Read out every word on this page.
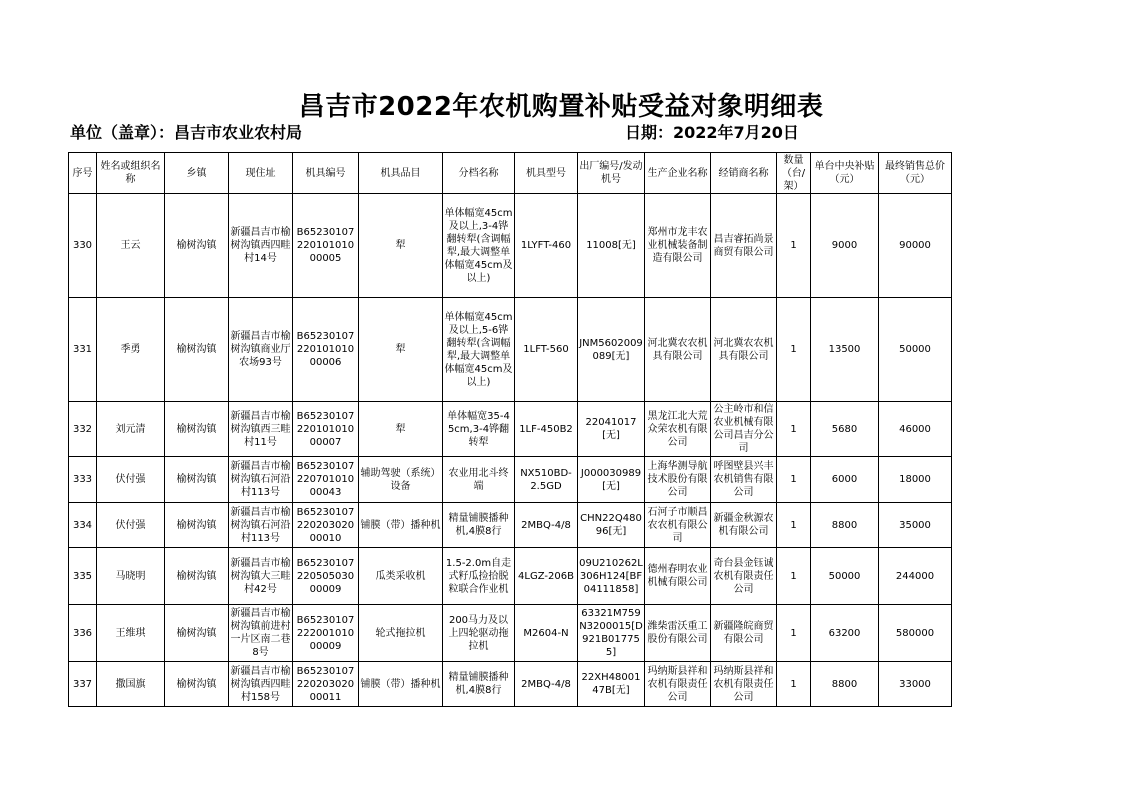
昌吉市2022年农机购置补贴受益对象明细表
单位（盖章）：昌吉市农业农村局	日期：2022年7月20日
序号	姓名或组织名称	乡镇	现住址	机具编号	机具品目	分档名称	机具型号	出厂编号/发动机号	生产企业名称	经销商名称	数量（台/架）	单台中央补贴（元）	最终销售总价（元）
330	王云	榆树沟镇	新疆昌吉市榆树沟镇西四畦村14号	B6523010722010101000005	犁	单体幅宽45cm及以上,3-4铧翻转犁(含调幅犁,最大调整单体幅宽45cm及以上)	1LYFT-460	11008[无]	郑州市龙丰农业机械装备制造有限公司	昌吉睿拓尚景商贸有限公司	1	9000	90000
331	季勇	榆树沟镇	新疆昌吉市榆树沟镇商业厅农场93号	B6523010722010101000006	犁	单体幅宽45cm及以上,5-6铧翻转犁(含调幅犁,最大调整单体幅宽45cm及以上)	1LFT-560	JNM5602009089[无]	河北冀农农机具有限公司	河北冀农农机具有限公司	1	13500	50000
332	刘元清	榆树沟镇	新疆昌吉市榆树沟镇西三畦村11号	B6523010722010101000007	犁	单体幅宽35-45cm,3-4铧翻转犁	1LF-450B2	22041017[无]	黑龙江北大荒众荣农机有限公司	公主岭市和信农业机械有限公司昌吉分公司	1	5680	46000
333	伏付强	榆树沟镇	新疆昌吉市榆树沟镇石河沿村113号	B6523010722070101000043	辅助驾驶（系统）设备	农业用北斗终端	NX510BD-2.5GD	J000030989[无]	上海华测导航技术股份有限公司	呼图壁县兴丰农机销售有限公司	1	6000	18000
334	伏付强	榆树沟镇	新疆昌吉市榆树沟镇石河沿村113号	B6523010722020302000010	铺膜（带）播种机	精量铺膜播种机,4膜8行	2MBQ-4/8	CHN22Q48096[无]	石河子市顺昌农农机有限公司	新疆金秋源农机有限公司	1	8800	35000
335	马晓明	榆树沟镇	新疆昌吉市榆树沟镇大三畦村42号	B6523010722050503000009	瓜类采收机	1.5-2.0m自走式籽瓜捡拾脱粒联合作业机	4LGZ-206B	09U210262L306H124[BF04111858]	德州春明农业机械有限公司	奇台县金钰诚农机有限责任公司	1	50000	244000
336	王维琪	榆树沟镇	新疆昌吉市榆树沟镇前进村一片区南二巷8号	B6523010722200101000009	轮式拖拉机	200马力及以上四轮驱动拖拉机	M2604-N	63321M759N3200015[D921B017755]	潍柴雷沃重工股份有限公司	新疆隆皖商贸有限公司	1	63200	580000
337	撒国旗	榆树沟镇	新疆昌吉市榆树沟镇西四畦村158号	B6523010722020302000011	铺膜（带）播种机	精量铺膜播种机,4膜8行	2MBQ-4/8	22XH4800147B[无]	玛纳斯县祥和农机有限责任公司	玛纳斯县祥和农机有限责任公司	1	8800	33000
